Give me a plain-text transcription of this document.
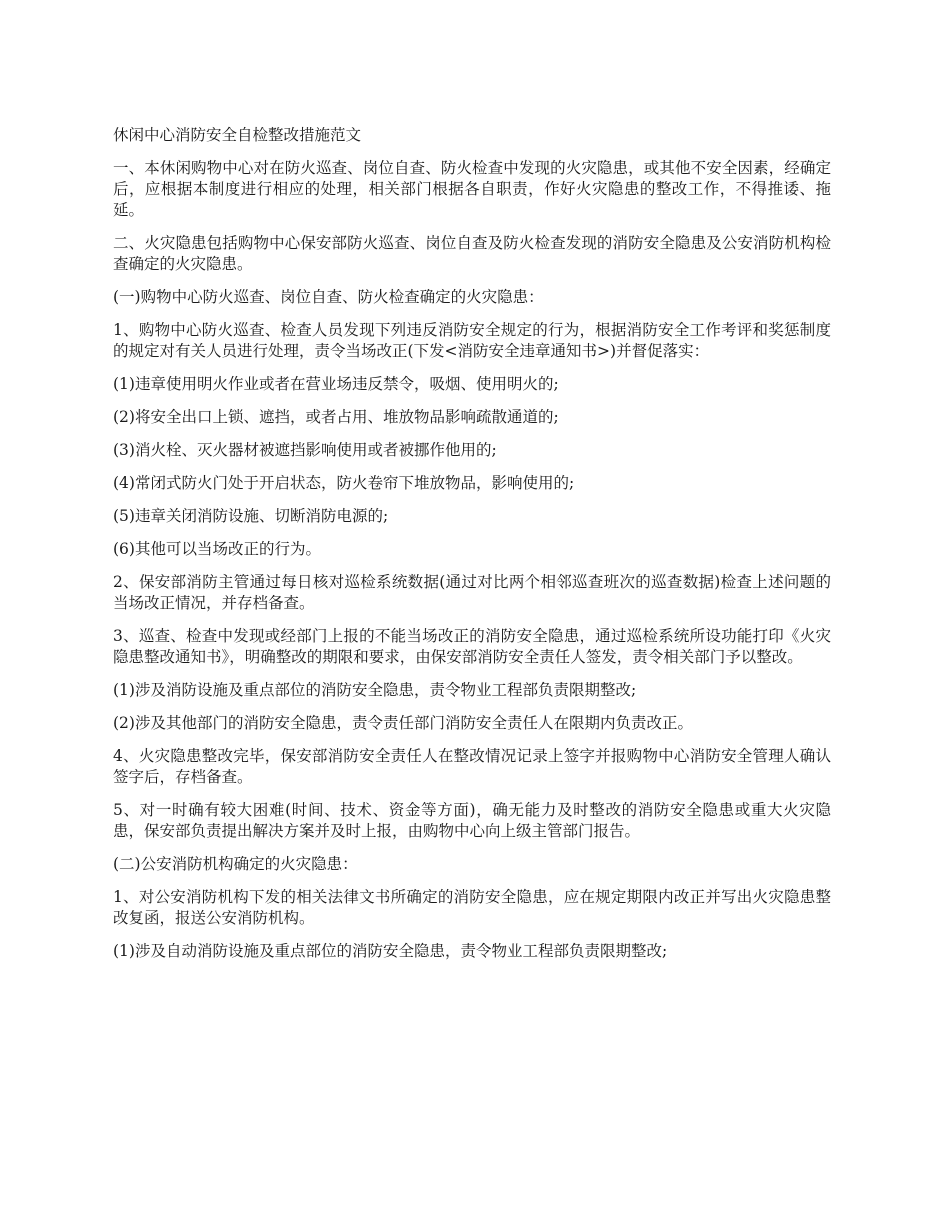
休闲中心消防安全自检整改措施范文

一、本休闲购物中心对在防火巡查、岗位自查、防火检查中发现的火灾隐患，或其他不安全因素，经确定后，应根据本制度进行相应的处理，相关部门根据各自职责，作好火灾隐患的整改工作，不得推诿、拖延。

二、火灾隐患包括购物中心保安部防火巡查、岗位自查及防火检查发现的消防安全隐患及公安消防机构检查确定的火灾隐患。

(一)购物中心防火巡查、岗位自查、防火检查确定的火灾隐患：

1、购物中心防火巡查、检查人员发现下列违反消防安全规定的行为，根据消防安全工作考评和奖惩制度的规定对有关人员进行处理，责令当场改正(下发<消防安全违章通知书>)并督促落实：

(1)违章使用明火作业或者在营业场违反禁令，吸烟、使用明火的;

(2)将安全出口上锁、遮挡，或者占用、堆放物品影响疏散通道的;

(3)消火栓、灭火器材被遮挡影响使用或者被挪作他用的;

(4)常闭式防火门处于开启状态，防火卷帘下堆放物品，影响使用的;

(5)违章关闭消防设施、切断消防电源的;

(6)其他可以当场改正的行为。

2、保安部消防主管通过每日核对巡检系统数据(通过对比两个相邻巡查班次的巡查数据)检查上述问题的当场改正情况，并存档备查。

3、巡查、检查中发现或经部门上报的不能当场改正的消防安全隐患，通过巡检系统所设功能打印《火灾隐患整改通知书》，明确整改的期限和要求，由保安部消防安全责任人签发，责令相关部门予以整改。

(1)涉及消防设施及重点部位的消防安全隐患，责令物业工程部负责限期整改;

(2)涉及其他部门的消防安全隐患，责令责任部门消防安全责任人在限期内负责改正。

4、火灾隐患整改完毕，保安部消防安全责任人在整改情况记录上签字并报购物中心消防安全管理人确认签字后，存档备查。

5、对一时确有较大困难(时间、技术、资金等方面)，确无能力及时整改的消防安全隐患或重大火灾隐患，保安部负责提出解决方案并及时上报，由购物中心向上级主管部门报告。

(二)公安消防机构确定的火灾隐患：

1、对公安消防机构下发的相关法律文书所确定的消防安全隐患，应在规定期限内改正并写出火灾隐患整改复函，报送公安消防机构。

(1)涉及自动消防设施及重点部位的消防安全隐患，责令物业工程部负责限期整改;
